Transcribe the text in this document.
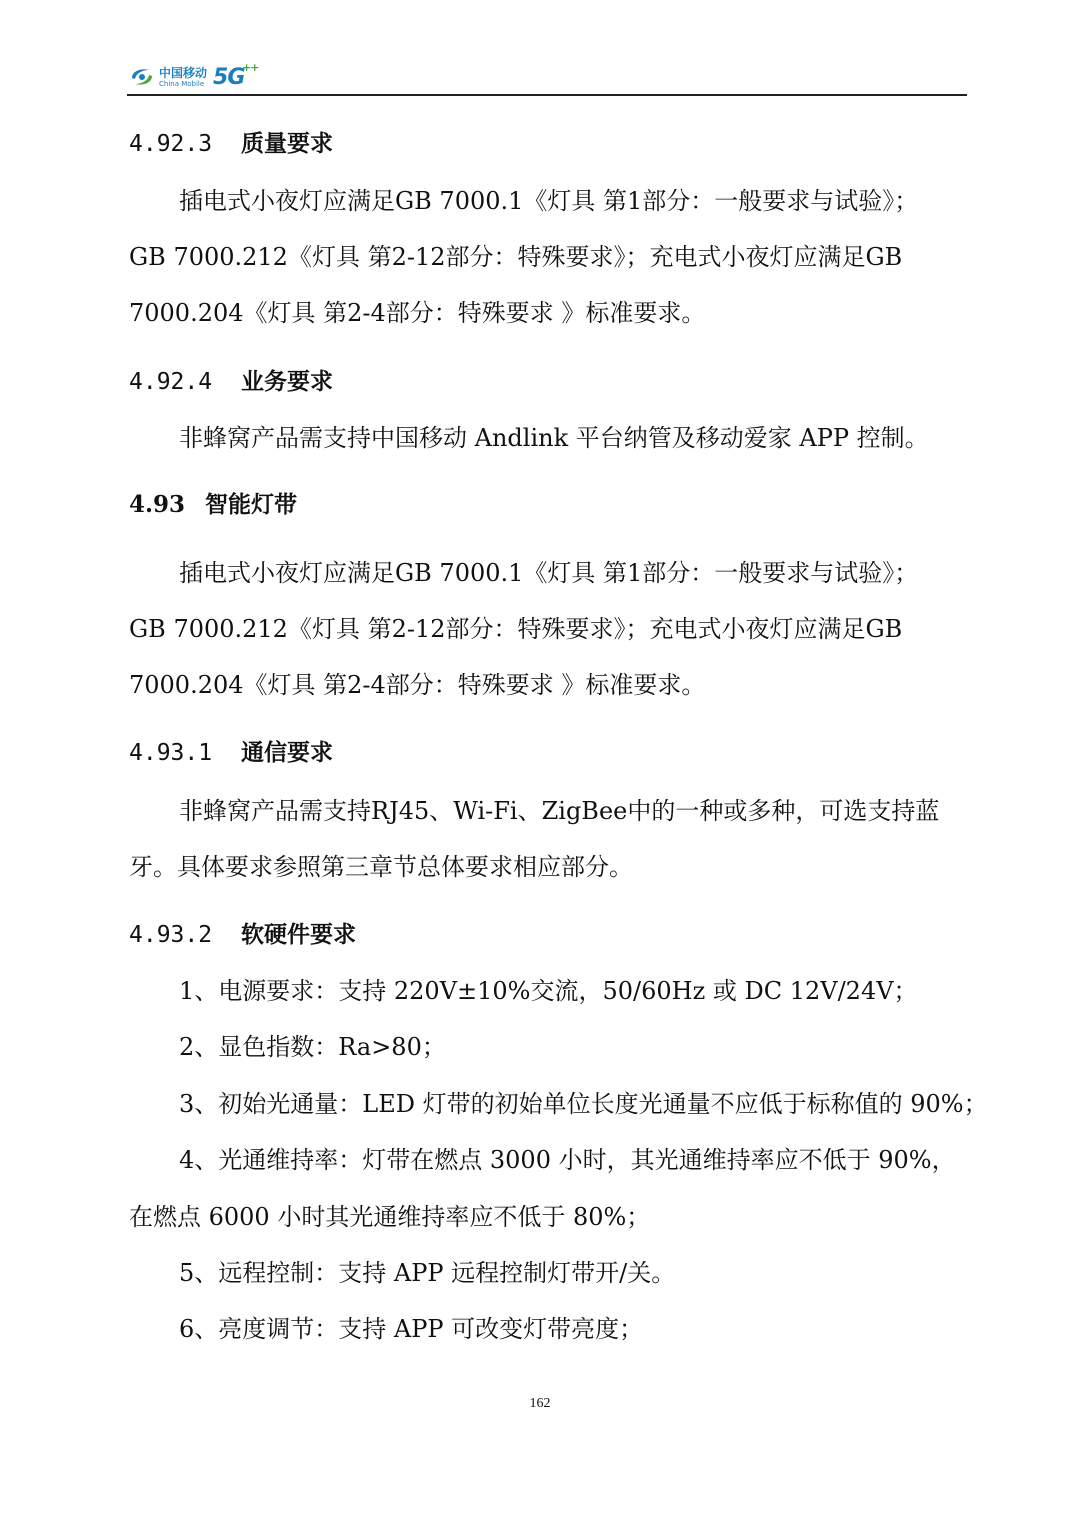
中国移动
China Mobile 5G
++
4.92.3 质量要求
插电式小夜灯应满足GB 7000.1《灯具 第1部分：一般要求与试验》；
GB 7000.212《灯具 第2-12部分：特殊要求》；充电式小夜灯应满足GB
7000.204《灯具 第2-4部分：特殊要求 》标准要求。
4.92.4 业务要求
非蜂窝产品需支持中国移动 Andlink 平台纳管及移动爱家 APP 控制。
4.93 智能灯带
插电式小夜灯应满足GB 7000.1《灯具 第1部分：一般要求与试验》；
GB 7000.212《灯具 第2-12部分：特殊要求》；充电式小夜灯应满足GB
7000.204《灯具 第2-4部分：特殊要求 》标准要求。
4.93.1 通信要求
非蜂窝产品需支持RJ45、Wi-Fi、ZigBee中的一种或多种，可选支持蓝
牙。具体要求参照第三章节总体要求相应部分。
4.93.2 软硬件要求
1、电源要求：支持 220V±10%交流，50/60Hz 或 DC 12V/24V；
2、显色指数：Ra>80；
3、初始光通量：LED 灯带的初始单位长度光通量不应低于标称值的 90%；
4、光通维持率：灯带在燃点 3000 小时，其光通维持率应不低于 90%，
在燃点 6000 小时其光通维持率应不低于 80%；
5、远程控制：支持 APP 远程控制灯带开/关。
6、亮度调节：支持 APP 可改变灯带亮度；
162
